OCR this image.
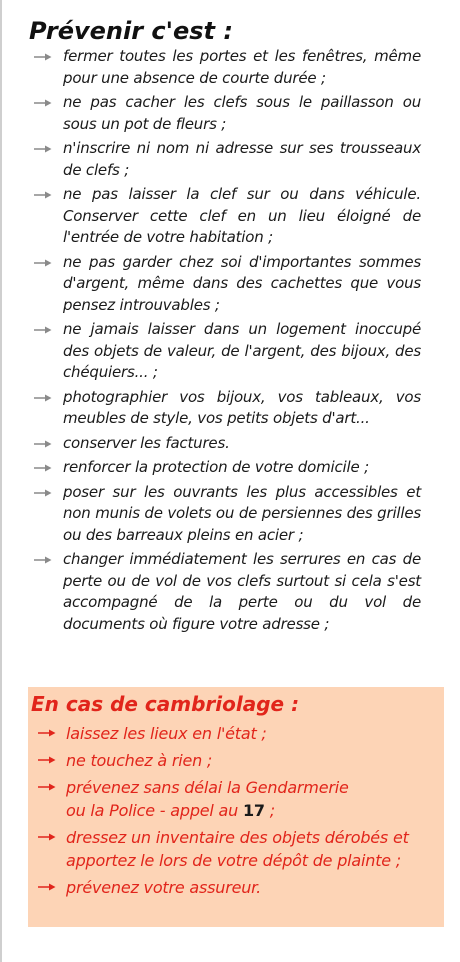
Prévenir c'est :
fermer toutes les portes et les fenêtres, même pour une absence de courte durée ;
ne pas cacher les clefs sous le paillasson ou sous un pot de fleurs ;
n'inscrire ni nom ni adresse sur ses trousseaux de clefs ;
ne pas laisser la clef sur ou dans véhicule. Conserver cette clef en un lieu éloigné de l'entrée de votre habitation ;
ne pas garder chez soi d'importantes sommes d'argent, même dans des cachettes que vous pensez introuvables ;
ne jamais laisser dans un logement inoccupé des objets de valeur, de l'argent, des bijoux, des chéquiers... ;
photographier vos bijoux, vos tableaux, vos meubles de style, vos petits objets d'art...
conserver les factures.
renforcer la protection de votre domicile ;
poser sur les ouvrants les plus accessibles et non munis de volets ou de persiennes des grilles ou des barreaux pleins en acier ;
changer immédiatement les serrures en cas de perte ou de vol de vos clefs surtout si cela s'est accompagné de la perte ou du vol de documents où figure votre adresse ;
En cas de cambriolage :
laissez les lieux en l'état ;
ne touchez à rien ;
prévenez sans délai la Gendarmerie
ou la Police - appel au 17 ;
dressez un inventaire des objets dérobés et apportez le lors de votre dépôt de plainte ;
prévenez votre assureur.
